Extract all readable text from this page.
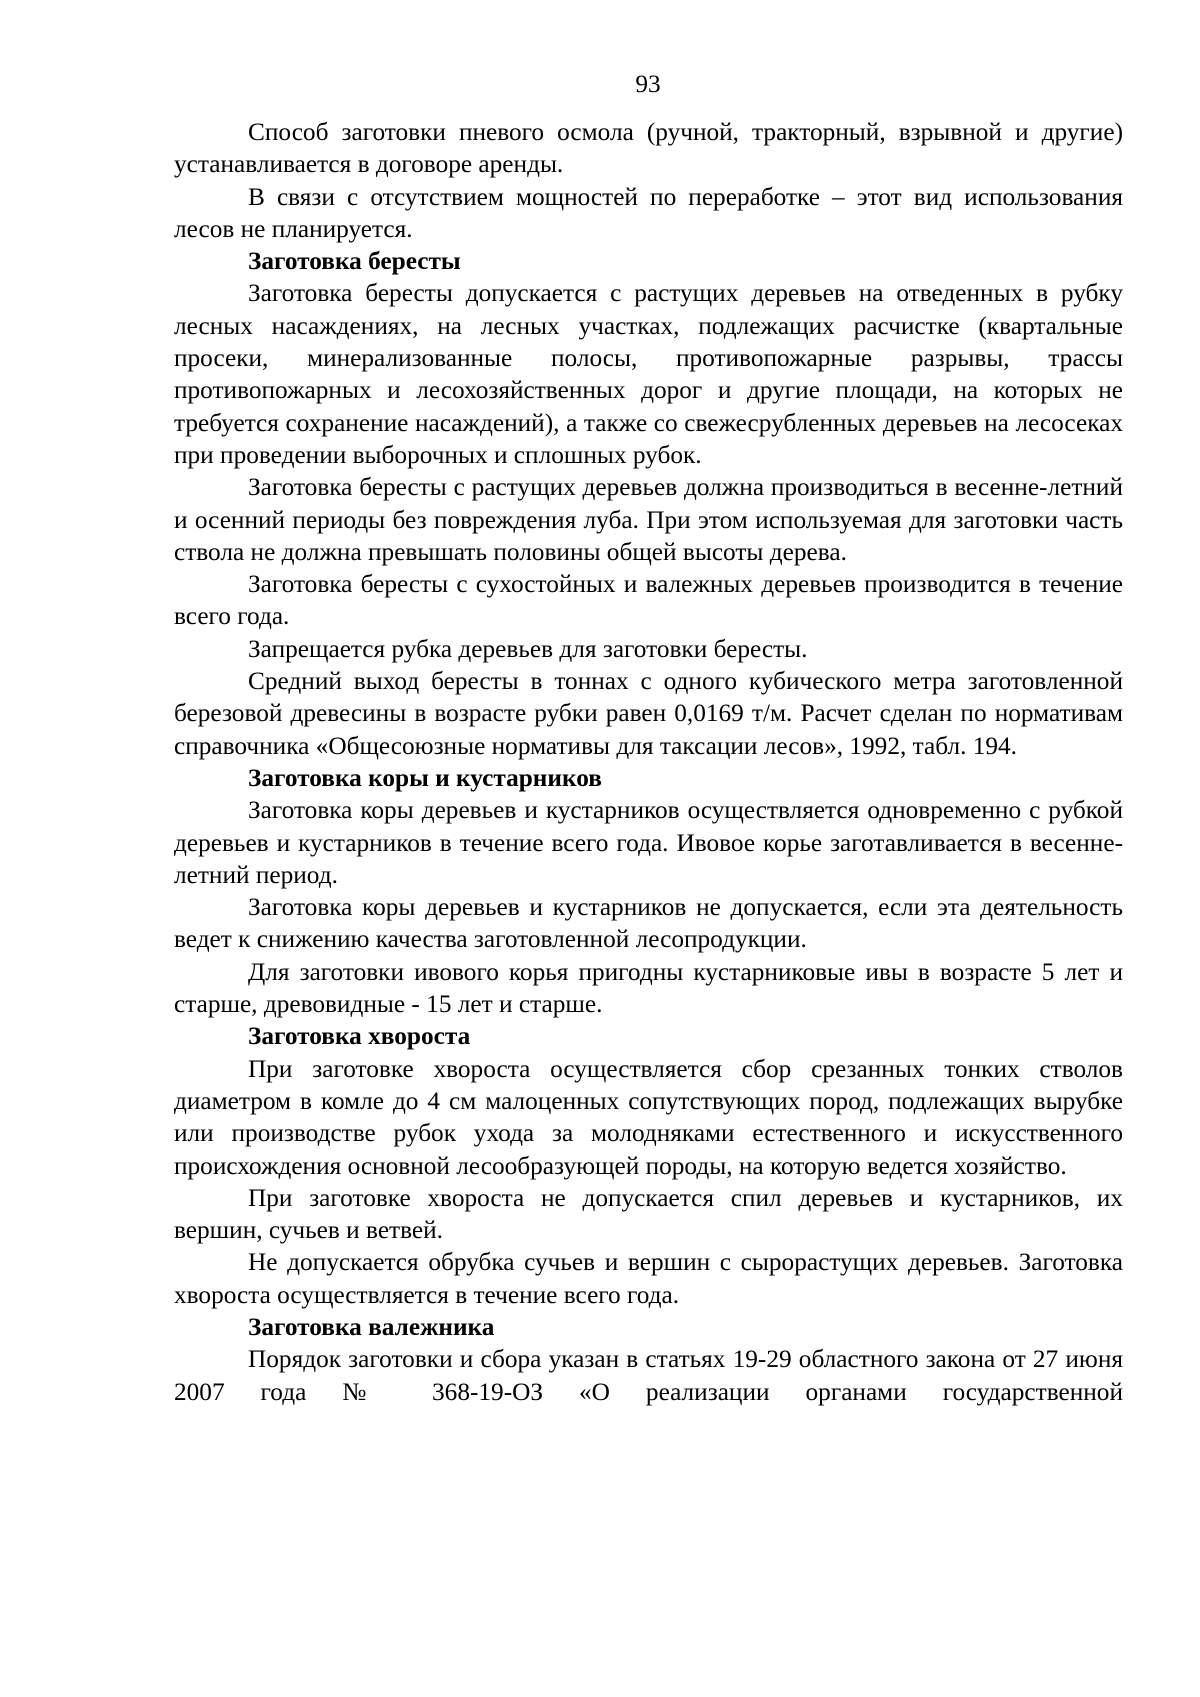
93

Способ заготовки пневого осмола (ручной, тракторный, взрывной и другие) устанавливается в договоре аренды.

В связи с отсутствием мощностей по переработке – этот вид использования лесов не планируется.

Заготовка бересты

Заготовка бересты допускается с растущих деревьев на отведенных в рубку лесных насаждениях, на лесных участках, подлежащих расчистке (квартальные просеки, минерализованные полосы, противопожарные разрывы, трассы противопожарных и лесохозяйственных дорог и другие площади, на которых не требуется сохранение насаждений), а также со свежесрубленных деревьев на лесосеках при проведении выборочных и сплошных рубок.

Заготовка бересты с растущих деревьев должна производиться в весенне-летний и осенний периоды без повреждения луба. При этом используемая для заготовки часть ствола не должна превышать половины общей высоты дерева.

Заготовка бересты с сухостойных и валежных деревьев производится в течение всего года.

Запрещается рубка деревьев для заготовки бересты.

Средний выход бересты в тоннах с одного кубического метра заготовленной березовой древесины в возрасте рубки равен 0,0169 т/м. Расчет сделан по нормативам справочника «Общесоюзные нормативы для таксации лесов», 1992, табл. 194.

Заготовка коры и кустарников

Заготовка коры деревьев и кустарников осуществляется одновременно с рубкой деревьев и кустарников в течение всего года. Ивовое корье заготавливается в весенне-летний период.

Заготовка коры деревьев и кустарников не допускается, если эта деятельность ведет к снижению качества заготовленной лесопродукции.

Для заготовки ивового корья пригодны кустарниковые ивы в возрасте 5 лет и старше, древовидные - 15 лет и старше.

Заготовка хвороста

При заготовке хвороста осуществляется сбор срезанных тонких стволов диаметром в комле до 4 см малоценных сопутствующих пород, подлежащих вырубке или производстве рубок ухода за молодняками естественного и искусственного происхождения основной лесообразующей породы, на которую ведется хозяйство.

При заготовке хвороста не допускается спил деревьев и кустарников, их вершин, сучьев и ветвей.

Не допускается обрубка сучьев и вершин с сырорастущих деревьев. Заготовка хвороста осуществляется в течение всего года.

Заготовка валежника

Порядок заготовки и сбора указан в статьях 19-29 областного закона от 27 июня 2007 года № 368-19-ОЗ «О реализации органами государственной
